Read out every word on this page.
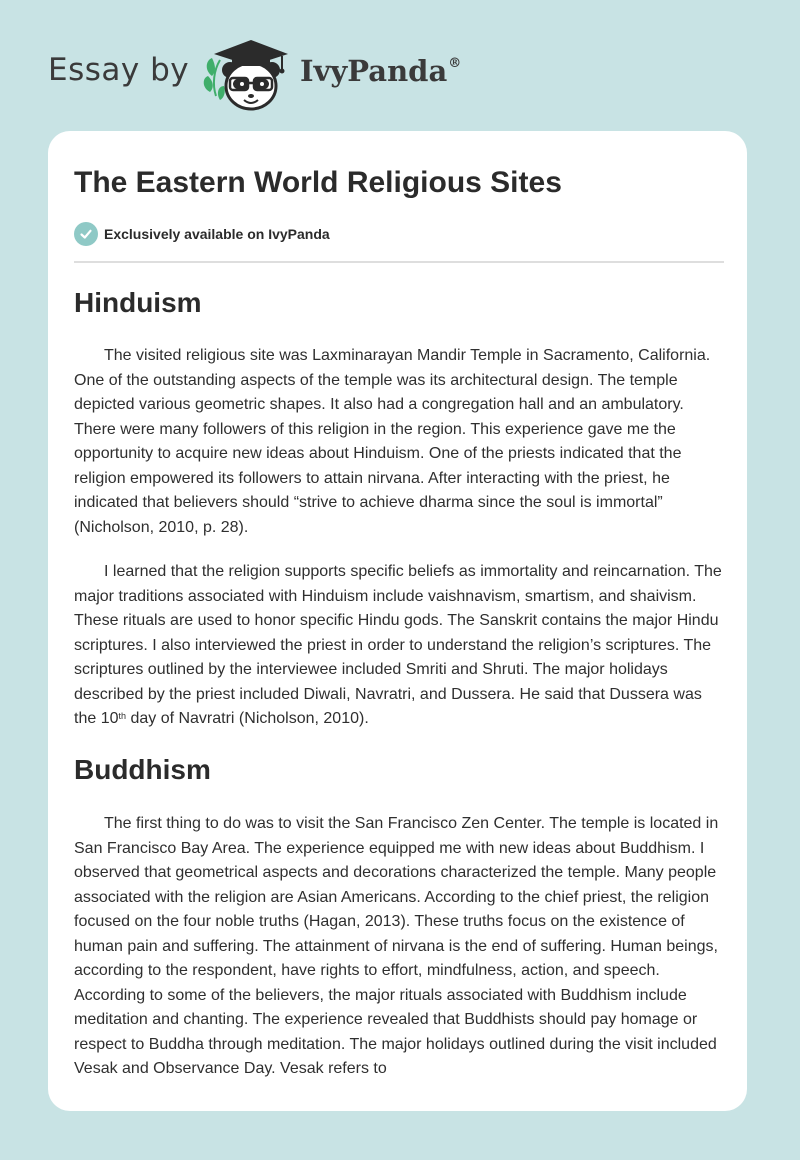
Essay by	IvyPanda®
The Eastern World Religious Sites
Exclusively available on IvyPanda
Hinduism

The visited religious site was Laxminarayan Mandir Temple in Sacramento, California. One of the outstanding aspects of the temple was its architectural design. The temple depicted various geometric shapes. It also had a congregation hall and an ambulatory. There were many followers of this religion in the region. This experience gave me the opportunity to acquire new ideas about Hinduism. One of the priests indicated that the religion empowered its followers to attain nirvana. After interacting with the priest, he indicated that believers should “strive to achieve dharma since the soul is immortal” (Nicholson, 2010, p. 28).

I learned that the religion supports specific beliefs as immortality and reincarnation. The major traditions associated with Hinduism include vaishnavism, smartism, and shaivism. These rituals are used to honor specific Hindu gods. The Sanskrit contains the major Hindu scriptures. I also interviewed the priest in order to understand the religion’s scriptures. The scriptures outlined by the interviewee included Smriti and Shruti. The major holidays described by the priest included Diwali, Navratri, and Dussera. He said that Dussera was the 10th day of Navratri (Nicholson, 2010).

Buddhism

The first thing to do was to visit the San Francisco Zen Center. The temple is located in San Francisco Bay Area. The experience equipped me with new ideas about Buddhism. I observed that geometrical aspects and decorations characterized the temple. Many people associated with the religion are Asian Americans. According to the chief priest, the religion focused on the four noble truths (Hagan, 2013). These truths focus on the existence of human pain and suffering. The attainment of nirvana is the end of suffering. Human beings, according to the respondent, have rights to effort, mindfulness, action, and speech. According to some of the believers, the major rituals associated with Buddhism include meditation and chanting. The experience revealed that Buddhists should pay homage or respect to Buddha through meditation. The major holidays outlined during the visit included Vesak and Observance Day. Vesak refers to
